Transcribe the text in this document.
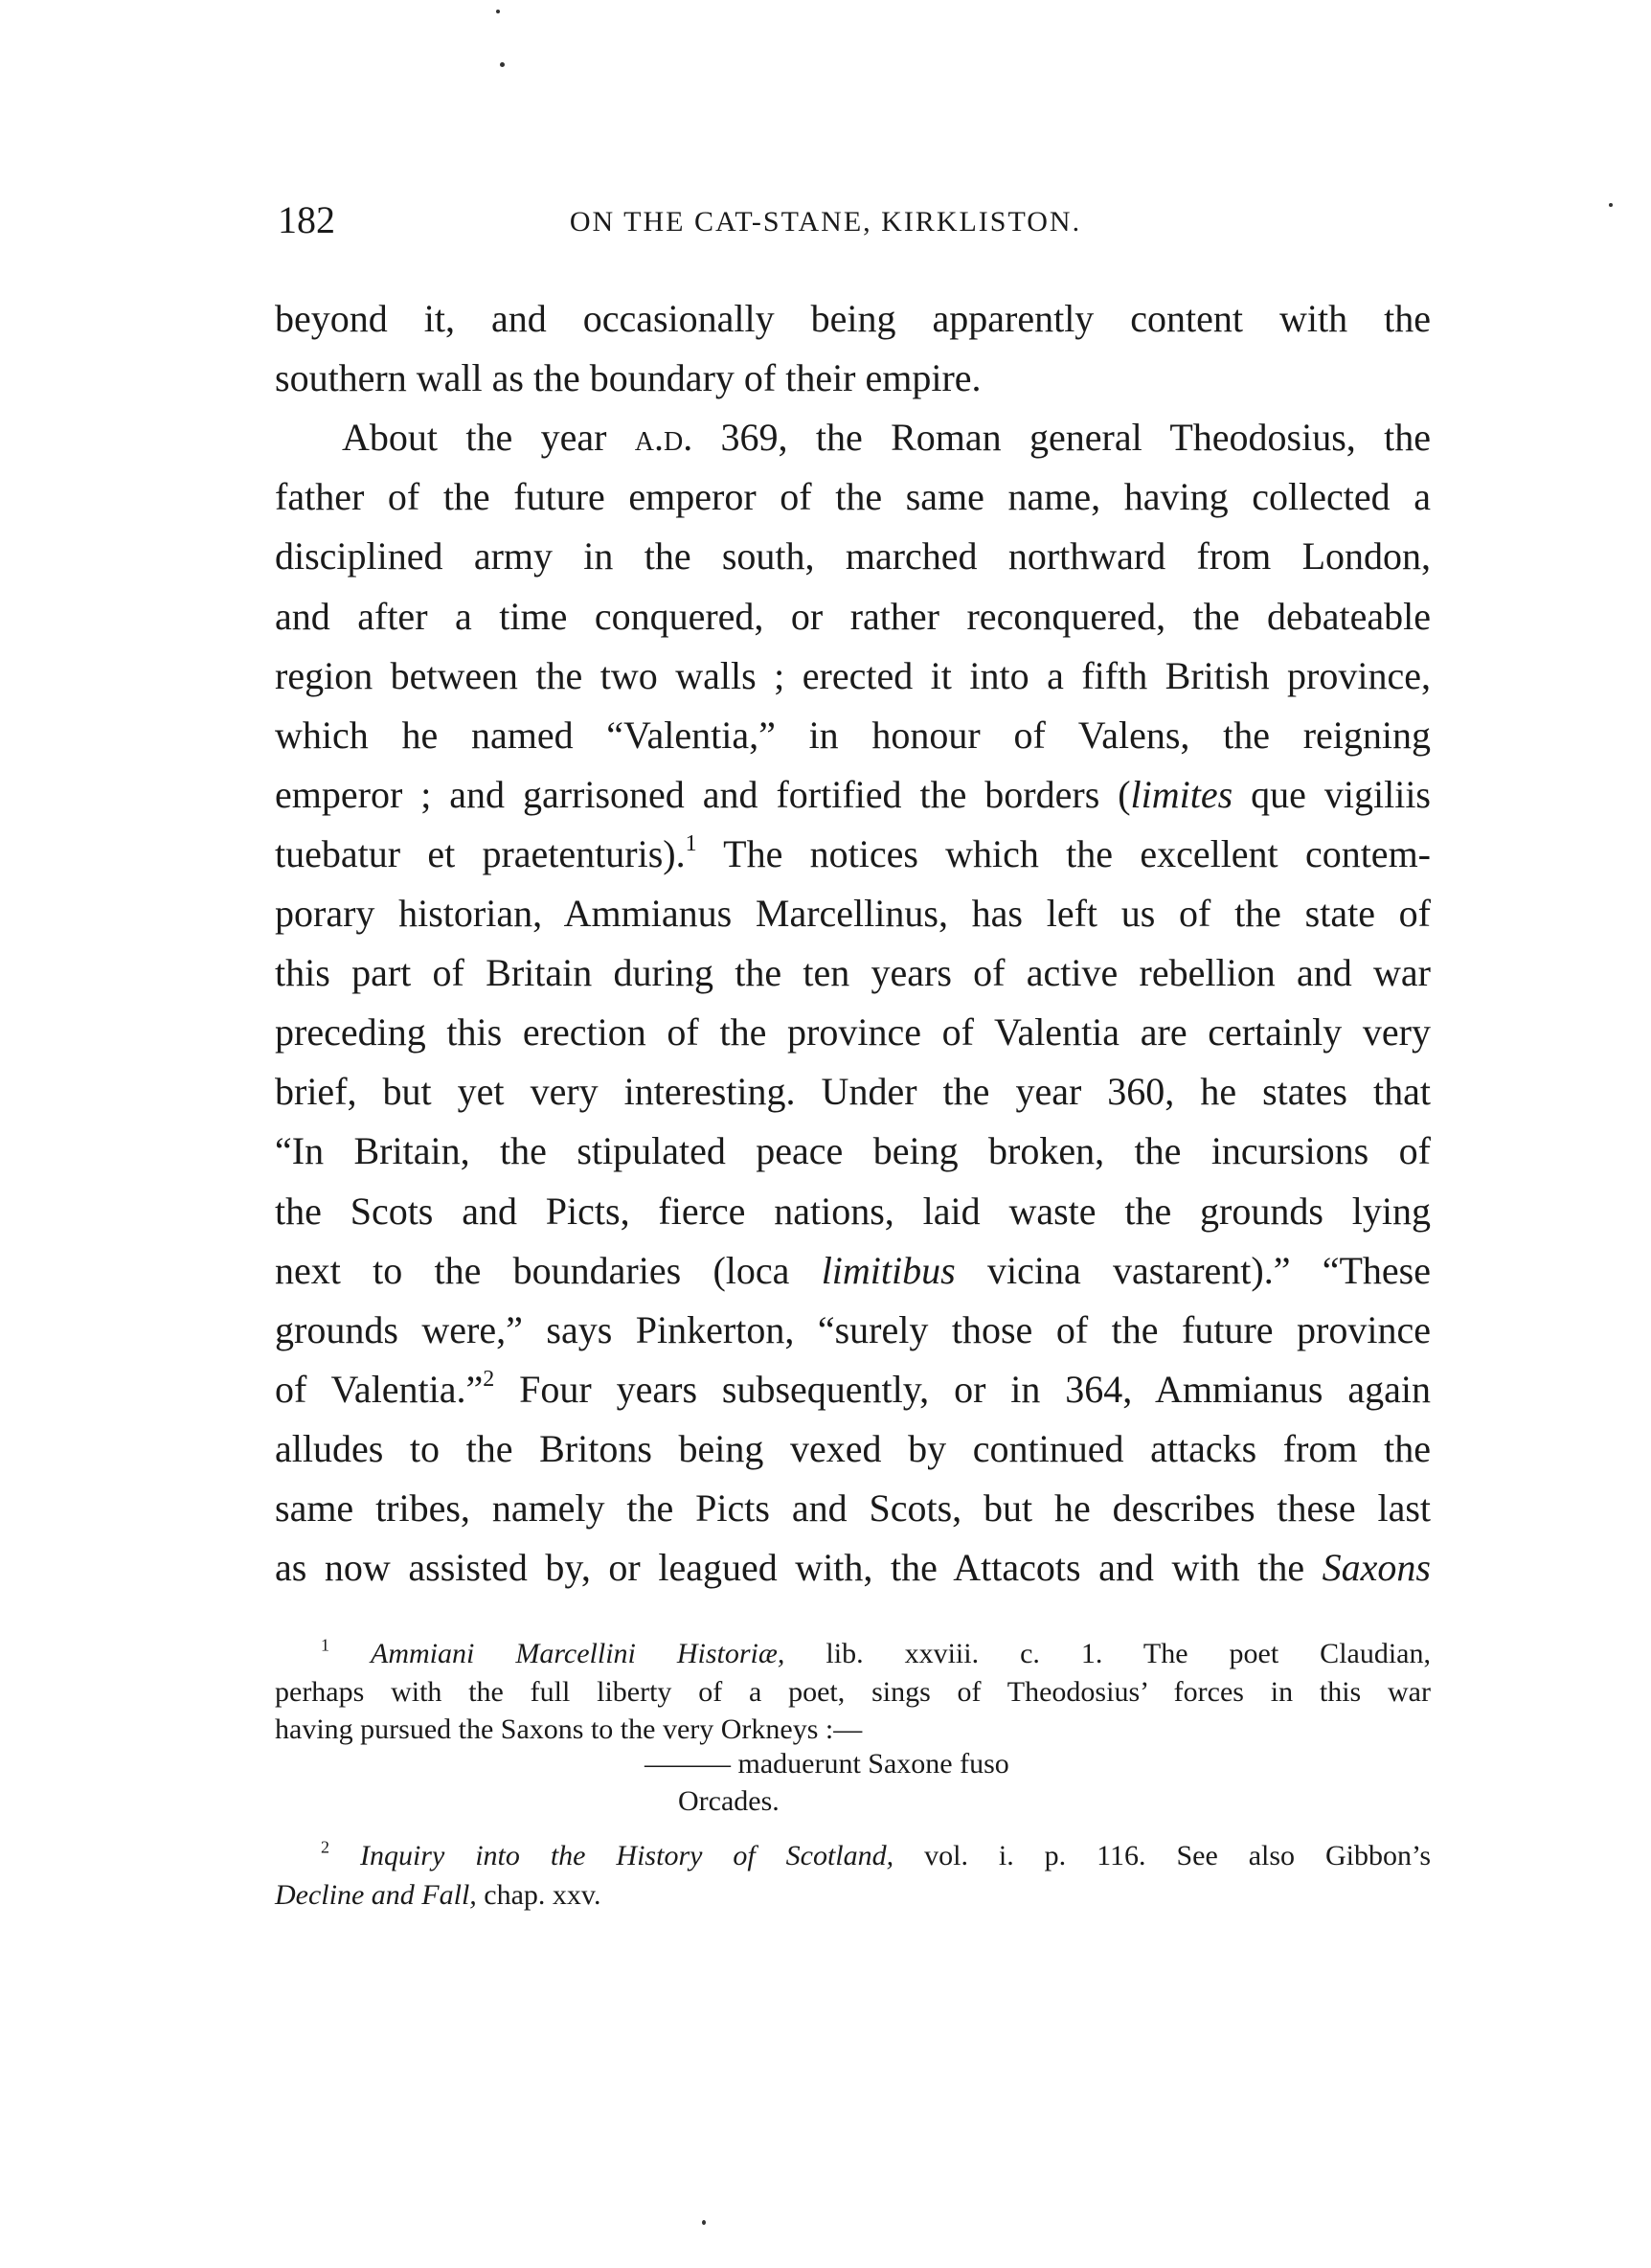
182	ON THE CAT-STANE, KIRKLISTON.
beyond it, and occasionally being apparently content with the
southern wall as the boundary of their empire.
About the year a.d. 369, the Roman general Theodosius, the
father of the future emperor of the same name, having collected a
disciplined army in the south, marched northward from London,
and after a time conquered, or rather reconquered, the debateable
region between the two walls ; erected it into a fifth British province,
which he named “Valentia,” in honour of Valens, the reigning
emperor ; and garrisoned and fortified the borders (limites que vigiliis
tuebatur et praetenturis).$^1$ The notices which the excellent contem-
porary historian, Ammianus Marcellinus, has left us of the state of
this part of Britain during the ten years of active rebellion and war
preceding this erection of the province of Valentia are certainly very
brief, but yet very interesting. Under the year 360, he states that
“In Britain, the stipulated peace being broken, the incursions of
the Scots and Picts, fierce nations, laid waste the grounds lying
next to the boundaries (loca limitibus vicina vastarent).” “These
grounds were,” says Pinkerton, “surely those of the future province
of Valentia.”$^2$ Four years subsequently, or in 364, Ammianus again
alludes to the Britons being vexed by continued attacks from the
same tribes, namely the Picts and Scots, but he describes these last
as now assisted by, or leagued with, the Attacots and with the Saxons
$^1$ Ammiani Marcellini Historiæ, lib. xxviii. c. 1. The poet Claudian,
perhaps with the full liberty of a poet, sings of Theodosius’ forces in this war
having pursued the Saxons to the very Orkneys :—
$^2$ Inquiry into the History of Scotland, vol. i. p. 116. See also Gibbon’s
Decline and Fall, chap. xxv.
——— maduerunt Saxone fuso
Orcades.
